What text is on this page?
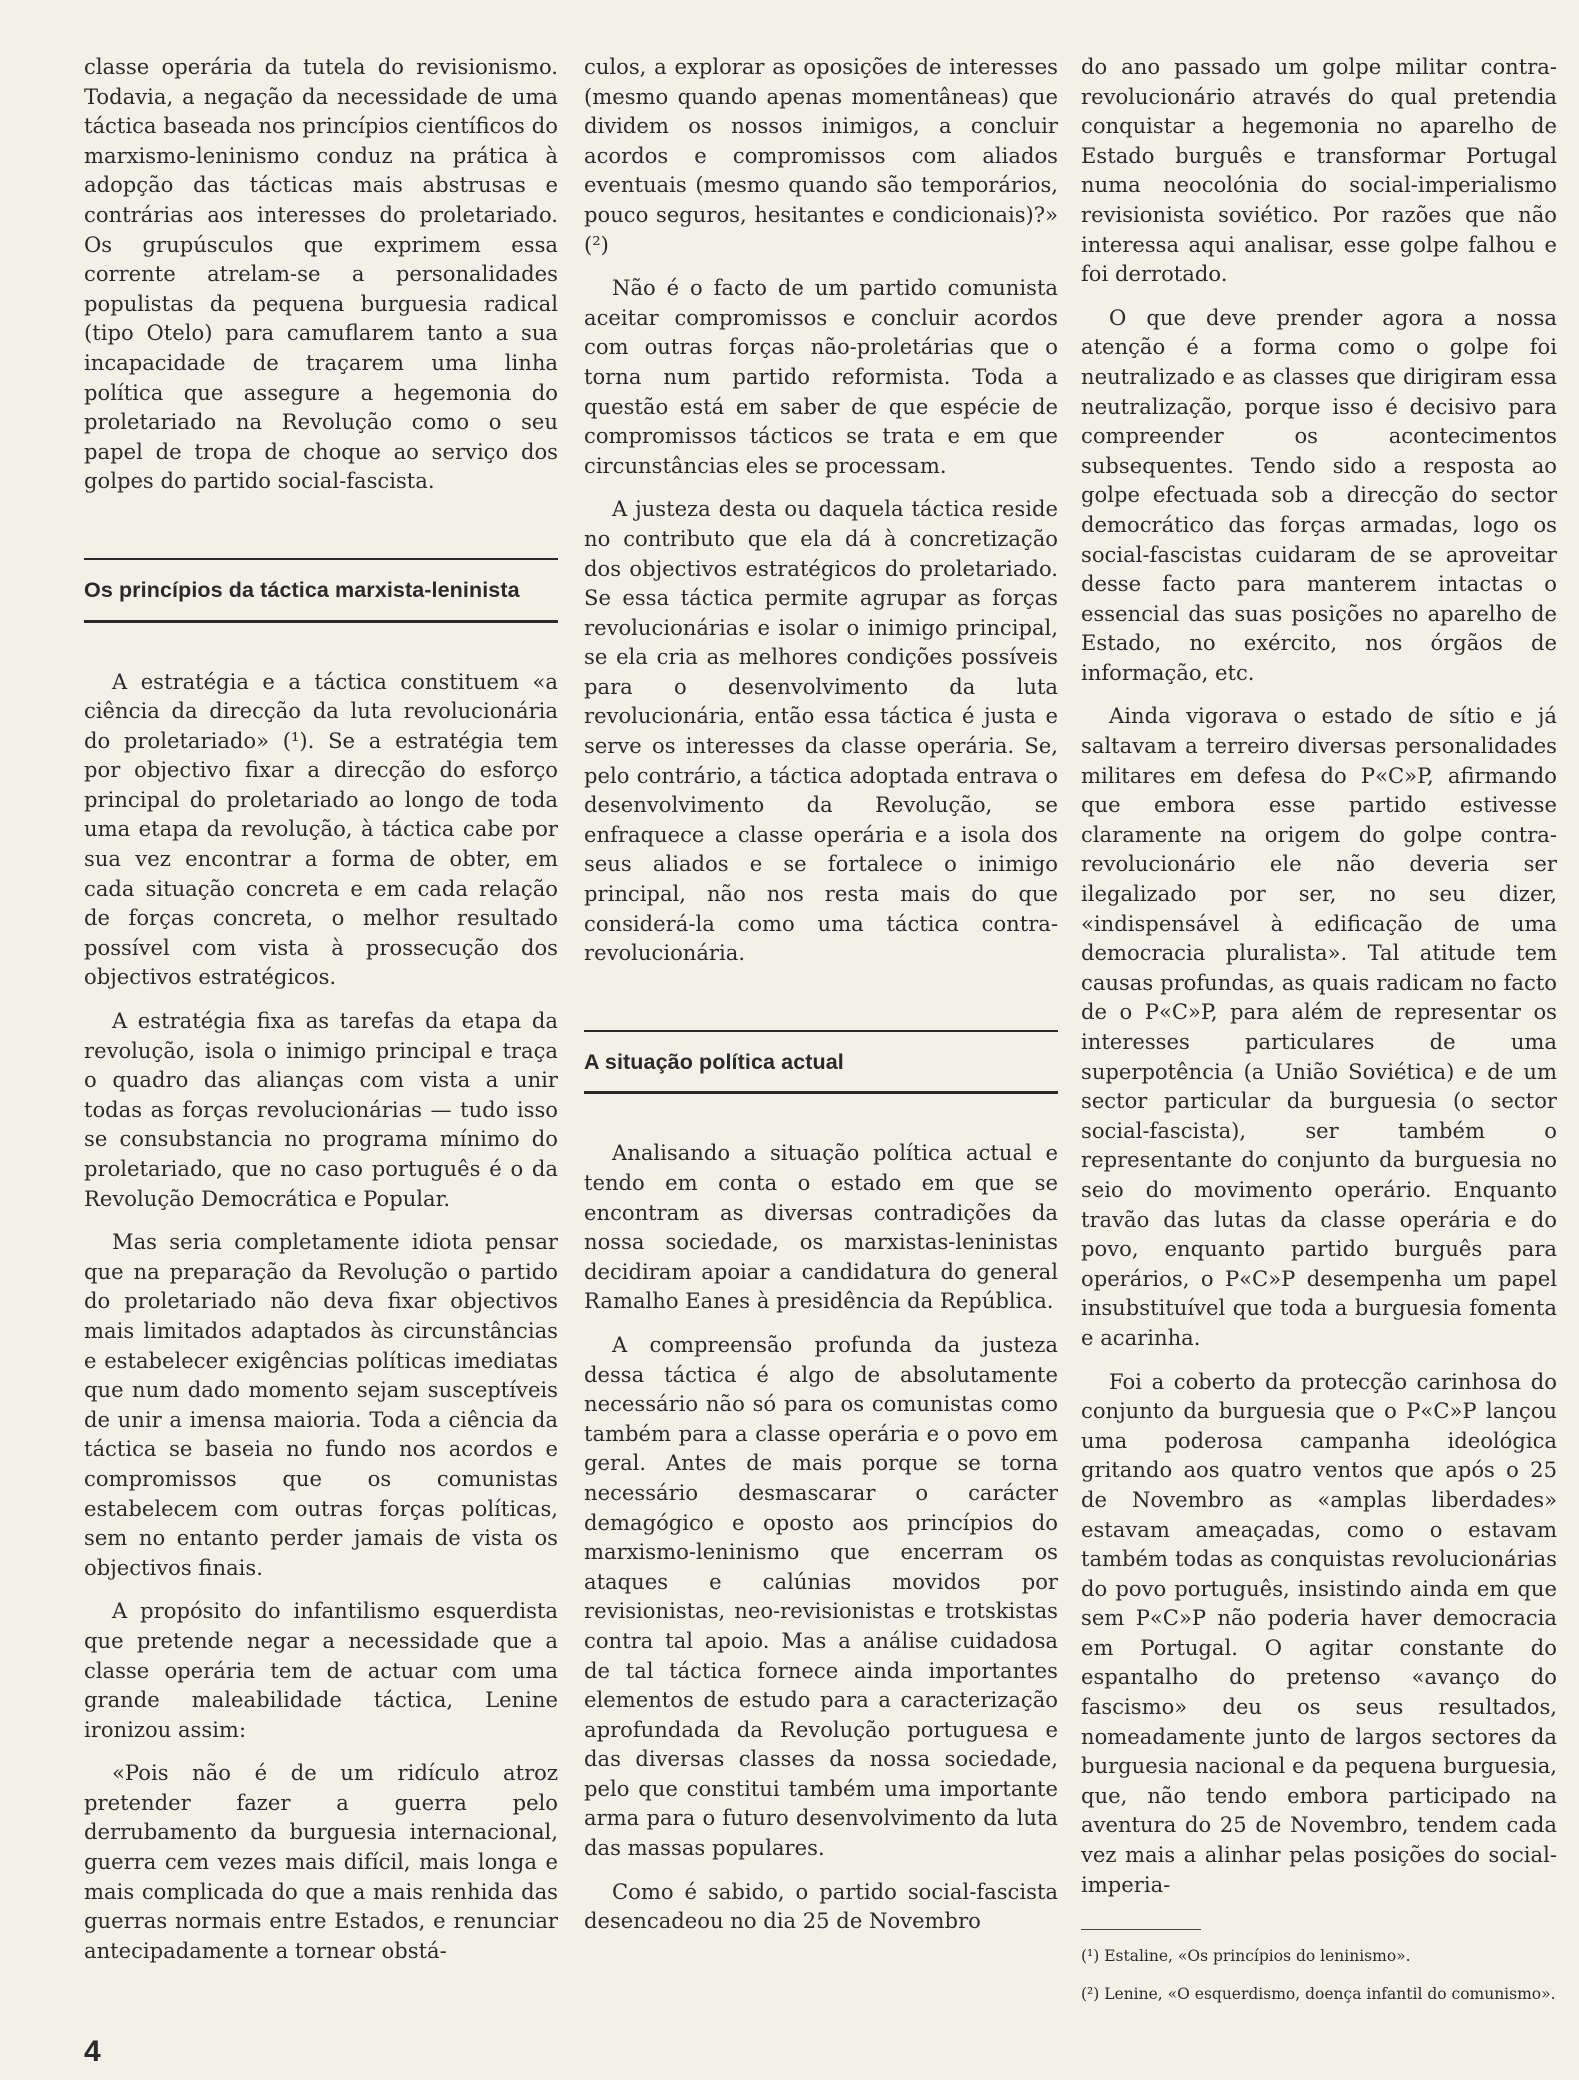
classe operária da tutela do revisionismo. Todavia, a negação da necessidade de uma táctica baseada nos princípios científicos do marxismo-leninismo conduz na prática à adopção das tácticas mais abstrusas e contrárias aos interesses do proletariado. Os grupúsculos que exprimem essa corrente atrelam-se a personalidades populistas da pequena burguesia radical (tipo Otelo) para camuflarem tanto a sua incapacidade de traçarem uma linha política que assegure a hegemonia do proletariado na Revolução como o seu papel de tropa de choque ao serviço dos golpes do partido social-fascista.

Os princípios da táctica marxista-leninista

A estratégia e a táctica constituem «a ciência da direcção da luta revolucionária do proletariado» (¹). Se a estratégia tem por objectivo fixar a direcção do esforço principal do proletariado ao longo de toda uma etapa da revolução, à táctica cabe por sua vez encontrar a forma de obter, em cada situação concreta e em cada relação de forças concreta, o melhor resultado possível com vista à prossecução dos objectivos estratégicos.

A estratégia fixa as tarefas da etapa da revolução, isola o inimigo principal e traça o quadro das alianças com vista a unir todas as forças revolucionárias — tudo isso se consubstancia no programa mínimo do proletariado, que no caso português é o da Revolução Democrática e Popular.

Mas seria completamente idiota pensar que na preparação da Revolução o partido do proletariado não deva fixar objectivos mais limitados adaptados às circunstâncias e estabelecer exigências políticas imediatas que num dado momento sejam susceptíveis de unir a imensa maioria. Toda a ciência da táctica se baseia no fundo nos acordos e compromissos que os comunistas estabelecem com outras forças políticas, sem no entanto perder jamais de vista os objectivos finais.

A propósito do infantilismo esquerdista que pretende negar a necessidade que a classe operária tem de actuar com uma grande maleabilidade táctica, Lenine ironizou assim:

«Pois não é de um ridículo atroz pretender fazer a guerra pelo derrubamento da burguesia internacional, guerra cem vezes mais difícil, mais longa e mais complicada do que a mais renhida das guerras normais entre Estados, e renunciar antecipadamente a tornear obstá-

culos, a explorar as oposições de interesses (mesmo quando apenas momentâneas) que dividem os nossos inimigos, a concluir acordos e compromissos com aliados eventuais (mesmo quando são temporários, pouco seguros, hesitantes e condicionais)?» (²)

Não é o facto de um partido comunista aceitar compromissos e concluir acordos com outras forças não-proletárias que o torna num partido reformista. Toda a questão está em saber de que espécie de compromissos tácticos se trata e em que circunstâncias eles se processam.

A justeza desta ou daquela táctica reside no contributo que ela dá à concretização dos objectivos estratégicos do proletariado. Se essa táctica permite agrupar as forças revolucionárias e isolar o inimigo principal, se ela cria as melhores condições possíveis para o desenvolvimento da luta revolucionária, então essa táctica é justa e serve os interesses da classe operária. Se, pelo contrário, a táctica adoptada entrava o desenvolvimento da Revolução, se enfraquece a classe operária e a isola dos seus aliados e se fortalece o inimigo principal, não nos resta mais do que considerá-la como uma táctica contra-revolucionária.

A situação política actual

Analisando a situação política actual e tendo em conta o estado em que se encontram as diversas contradições da nossa sociedade, os marxistas-leninistas decidiram apoiar a candidatura do general Ramalho Eanes à presidência da República.

A compreensão profunda da justeza dessa táctica é algo de absolutamente necessário não só para os comunistas como também para a classe operária e o povo em geral. Antes de mais porque se torna necessário desmascarar o carácter demagógico e oposto aos princípios do marxismo-leninismo que encerram os ataques e calúnias movidos por revisionistas, neo-revisionistas e trotskistas contra tal apoio. Mas a análise cuidadosa de tal táctica fornece ainda importantes elementos de estudo para a caracterização aprofundada da Revolução portuguesa e das diversas classes da nossa sociedade, pelo que constitui também uma importante arma para o futuro desenvolvimento da luta das massas populares.

Como é sabido, o partido social-fascista desencadeou no dia 25 de Novembro

do ano passado um golpe militar contra-revolucionário através do qual pretendia conquistar a hegemonia no aparelho de Estado burguês e transformar Portugal numa neocolónia do social-imperialismo revisionista soviético. Por razões que não interessa aqui analisar, esse golpe falhou e foi derrotado.

O que deve prender agora a nossa atenção é a forma como o golpe foi neutralizado e as classes que dirigiram essa neutralização, porque isso é decisivo para compreender os acontecimentos subsequentes. Tendo sido a resposta ao golpe efectuada sob a direcção do sector democrático das forças armadas, logo os social-fascistas cuidaram de se aproveitar desse facto para manterem intactas o essencial das suas posições no aparelho de Estado, no exército, nos órgãos de informação, etc.

Ainda vigorava o estado de sítio e já saltavam a terreiro diversas personalidades militares em defesa do P«C»P, afirmando que embora esse partido estivesse claramente na origem do golpe contra-revolucionário ele não deveria ser ilegalizado por ser, no seu dizer, «indispensável à edificação de uma democracia pluralista». Tal atitude tem causas profundas, as quais radicam no facto de o P«C»P, para além de representar os interesses particulares de uma superpotência (a União Soviética) e de um sector particular da burguesia (o sector social-fascista), ser também o representante do conjunto da burguesia no seio do movimento operário. Enquanto travão das lutas da classe operária e do povo, enquanto partido burguês para operários, o P«C»P desempenha um papel insubstituível que toda a burguesia fomenta e acarinha.

Foi a coberto da protecção carinhosa do conjunto da burguesia que o P«C»P lançou uma poderosa campanha ideológica gritando aos quatro ventos que após o 25 de Novembro as «amplas liberdades» estavam ameaçadas, como o estavam também todas as conquistas revolucionárias do povo português, insistindo ainda em que sem P«C»P não poderia haver democracia em Portugal. O agitar constante do espantalho do pretenso «avanço do fascismo» deu os seus resultados, nomeadamente junto de largos sectores da burguesia nacional e da pequena burguesia, que, não tendo embora participado na aventura do 25 de Novembro, tendem cada vez mais a alinhar pelas posições do social-imperia-

(¹) Estaline, «Os princípios do leninismo».

(²) Lenine, «O esquerdismo, doença infantil do comunismo».

4
